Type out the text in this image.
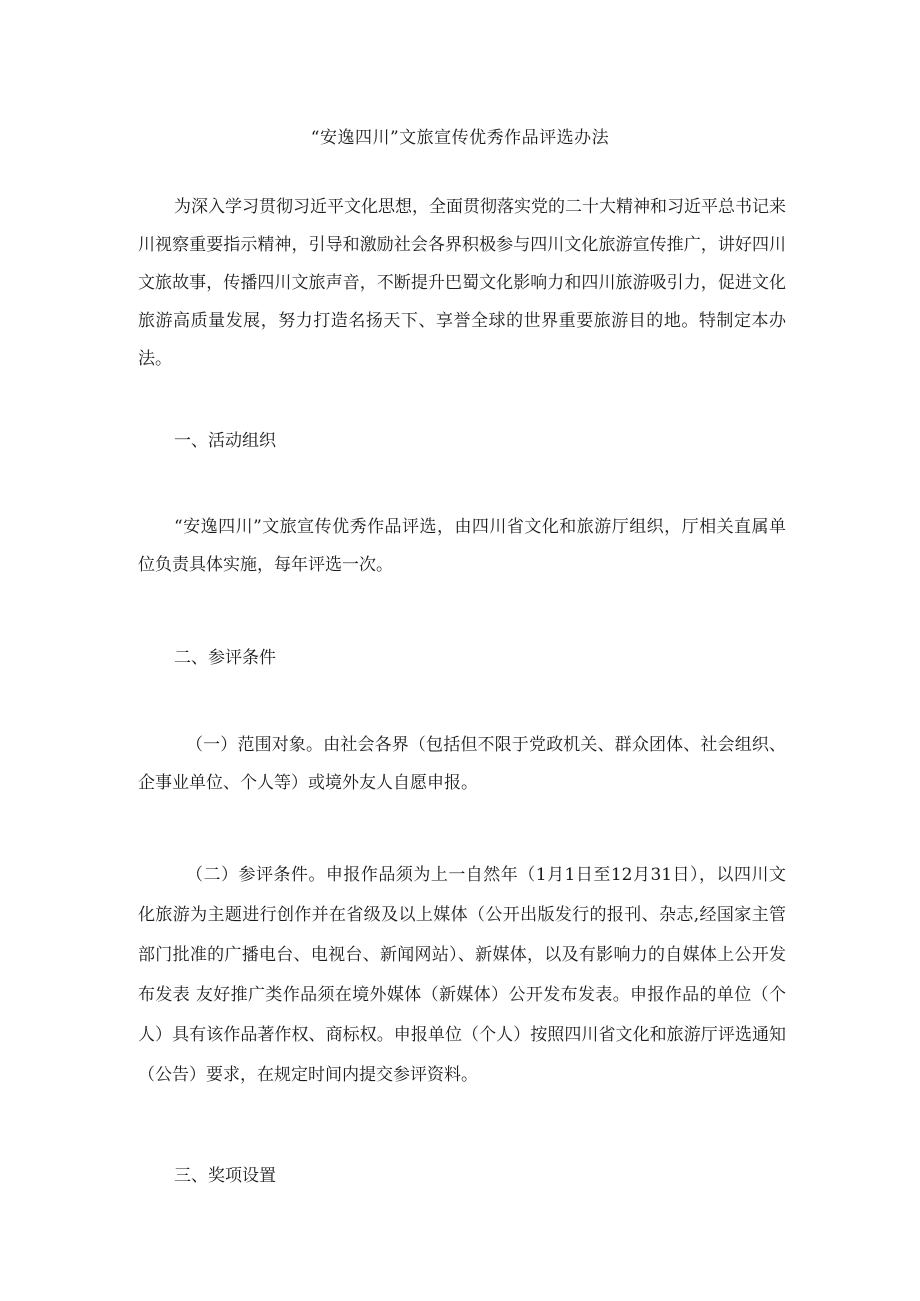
“安逸四川”文旅宣传优秀作品评选办法
为深入学习贯彻习近平文化思想，全面贯彻落实党的二十大精神和习近平总书记来川视察重要指示精神，引导和激励社会各界积极参与四川文化旅游宣传推广，讲好四川文旅故事，传播四川文旅声音，不断提升巴蜀文化影响力和四川旅游吸引力，促进文化旅游高质量发展，努力打造名扬天下、享誉全球的世界重要旅游目的地。特制定本办法。
一、活动组织
“安逸四川”文旅宣传优秀作品评选，由四川省文化和旅游厅组织，厅相关直属单位负责具体实施，每年评选一次。
二、参评条件
（一）范围对象。由社会各界（包括但不限于党政机关、群众团体、社会组织、企事业单位、个人等）或境外友人自愿申报。
（二）参评条件。申报作品须为上一自然年（1月1日至12月31日），以四川文化旅游为主题进行创作并在省级及以上媒体（公开出版发行的报刊、杂志,经国家主管部门批准的广播电台、电视台、新闻网站）、新媒体，以及有影响力的自媒体上公开发布发表 友好推广类作品须在境外媒体（新媒体）公开发布发表。申报作品的单位（个人）具有该作品著作权、商标权。申报单位（个人）按照四川省文化和旅游厅评选通知（公告）要求，在规定时间内提交参评资料。
三、奖项设置
